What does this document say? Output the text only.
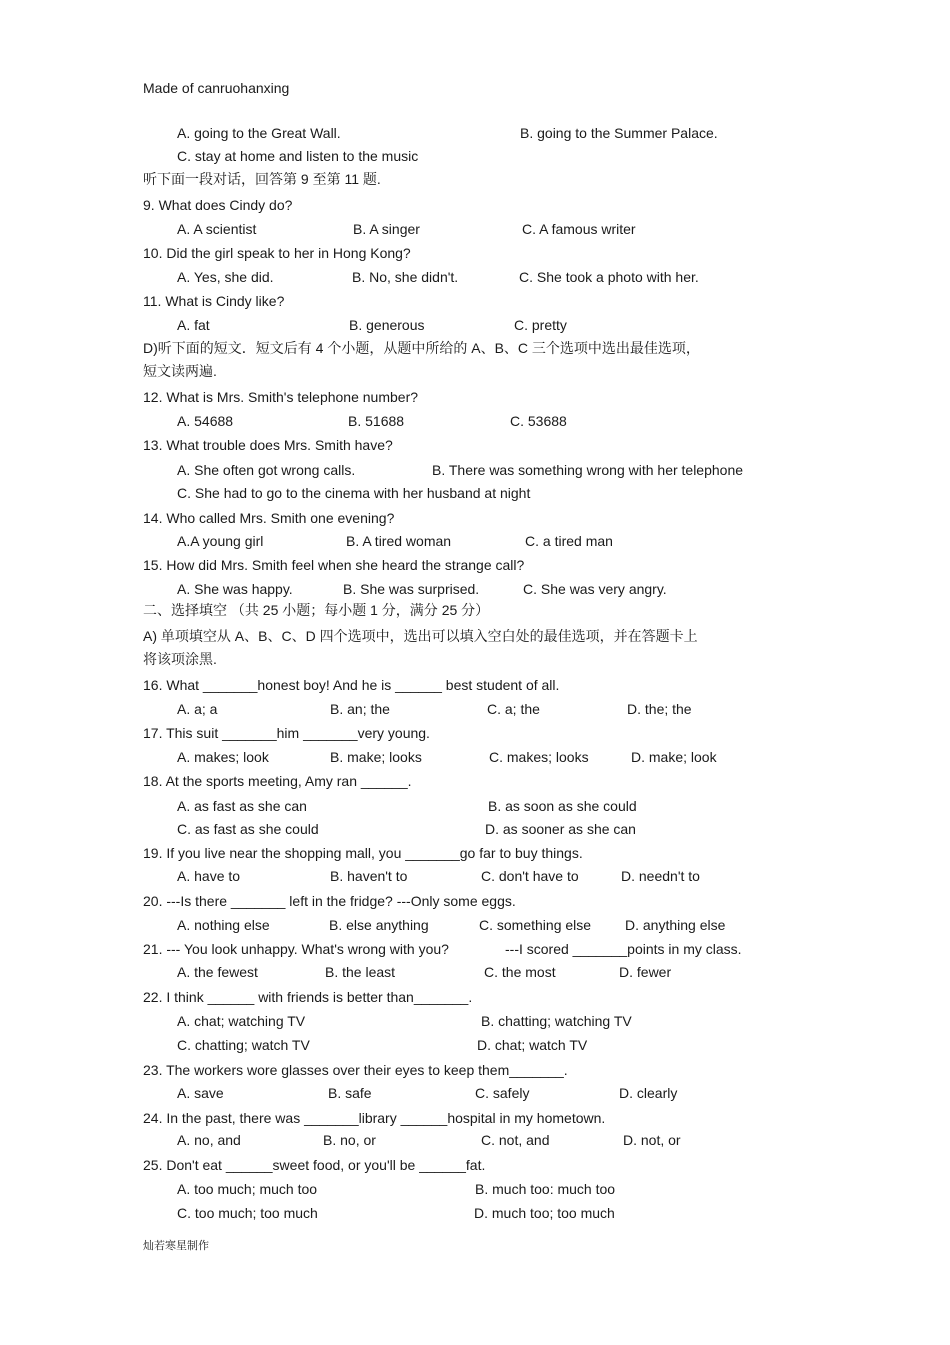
Made of canruohanxing
A. going to the Great Wall.	B. going to the Summer Palace.
C. stay at home and listen to the music
听下面一段对话，回答第 9 至第 11 题.
9. What does Cindy do?
A. A scientist	B. A singer	C. A famous writer
10. Did the girl speak to her in Hong Kong?
A. Yes, she did.	B. No, she didn't.	C. She took a photo with her.
11. What is Cindy like?
A. fat	B. generous	C. pretty
D)听下面的短文．短文后有 4 个小题，从题中所给的 A、B、C 三个选项中选出最佳选项，
短文读两遍.
12. What is Mrs. Smith's telephone number?
A. 54688	B. 51688	C. 53688
13. What trouble does Mrs. Smith have?
A. She often got wrong calls.	B. There was something wrong with her telephone
C. She had to go to the cinema with her husband at night
14. Who called Mrs. Smith one evening?
A.A young girl	B. A tired woman	C. a tired man
15. How did Mrs. Smith feel when she heard the strange call?
A. She was happy.	B. She was surprised.	C. She was very angry.
二、选择填空 （共 25 小题；每小题 1 分，满分 25 分）
A) 单项填空从 A、B、C、D 四个选项中，选出可以填入空白处的最佳选项，并在答题卡上
将该项涂黑.
16. What _______honest boy! And he is ______ best student of all.
A. a; a	B. an; the	C. a; the	D. the; the
17. This suit _______him _______very young.
A. makes; look	B. make; looks	C. makes; looks	D. make; look
18. At the sports meeting, Amy ran ______.
A. as fast as she can	B. as soon as she could
C. as fast as she could	D. as sooner as she can
19. If you live near the shopping mall, you _______go far to buy things.
A. have to	B. haven't to	C. don't have to	D. needn't to
20. ---Is there _______ left in the fridge? ---Only some eggs.
A. nothing else	B. else anything	C. something else D. anything else
21. --- You look unhappy. What's wrong with you?	---I scored _______points in my class.
A. the fewest	B. the least	C. the most	D. fewer
22. I think ______ with friends is better than_______.
A. chat; watching TV	B. chatting; watching TV
C. chatting; watch TV	D. chat; watch TV
23. The workers wore glasses over their eyes to keep them_______.
A. save	B. safe	C. safely	D. clearly
24. In the past, there was _______library ______hospital in my hometown.
A. no, and	B. no, or	C. not, and	D. not, or
25. Don't eat ______sweet food, or you'll be ______fat.
A. too much; much too	B. much too: much too
C. too much; too much	D. much too; too much
灿若寒星制作
